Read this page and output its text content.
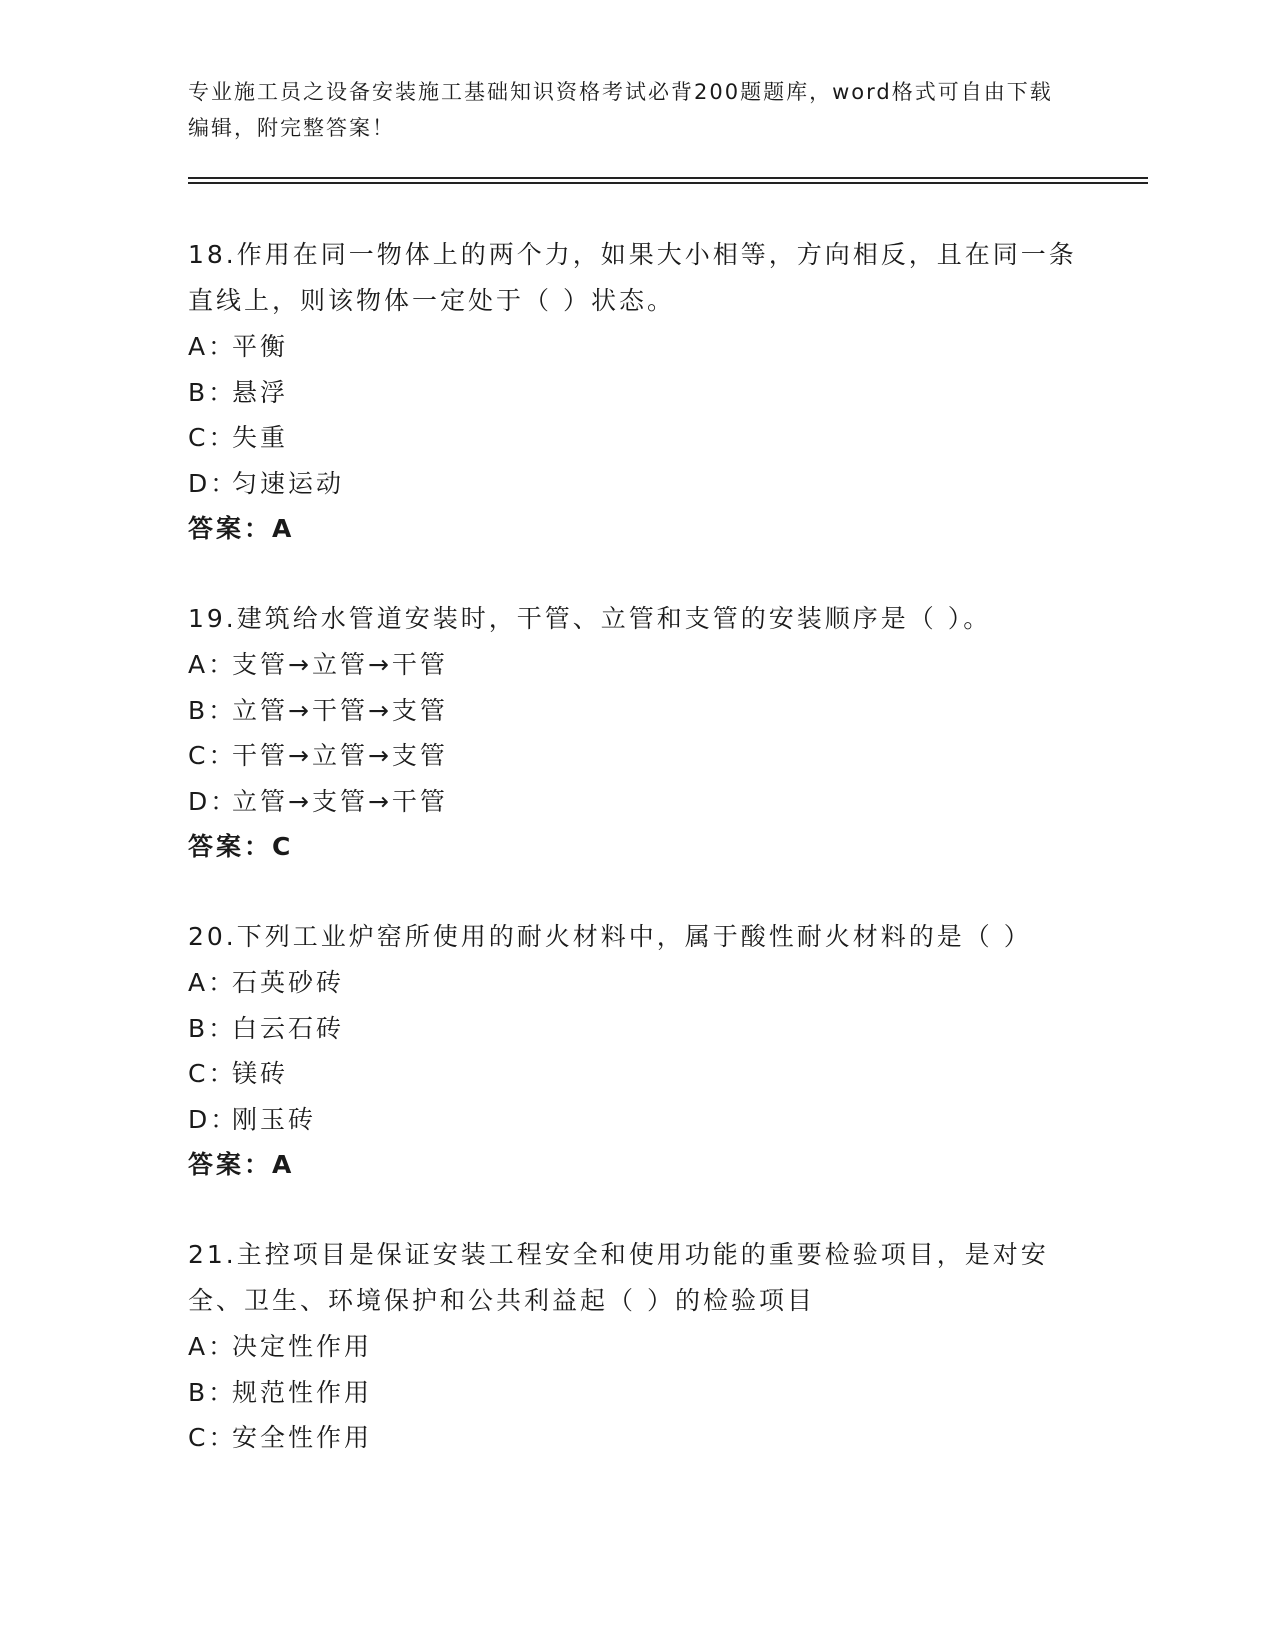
专业施工员之设备安装施工基础知识资格考试必背200题题库，word格式可自由下载编辑，附完整答案！
18.作用在同一物体上的两个力，如果大小相等，方向相反，且在同一条直线上，则该物体一定处于（ ）状态。
A：平衡
B：悬浮
C：失重
D：匀速运动
答案：A
19.建筑给水管道安装时，干管、立管和支管的安装顺序是（ ）。
A：支管→立管→干管
B：立管→干管→支管
C：干管→立管→支管
D：立管→支管→干管
答案：C
20.下列工业炉窑所使用的耐火材料中，属于酸性耐火材料的是（ ）
A：石英砂砖
B：白云石砖
C：镁砖
D：刚玉砖
答案：A
21.主控项目是保证安装工程安全和使用功能的重要检验项目，是对安全、卫生、环境保护和公共利益起（ ）的检验项目
A：决定性作用
B：规范性作用
C：安全性作用
